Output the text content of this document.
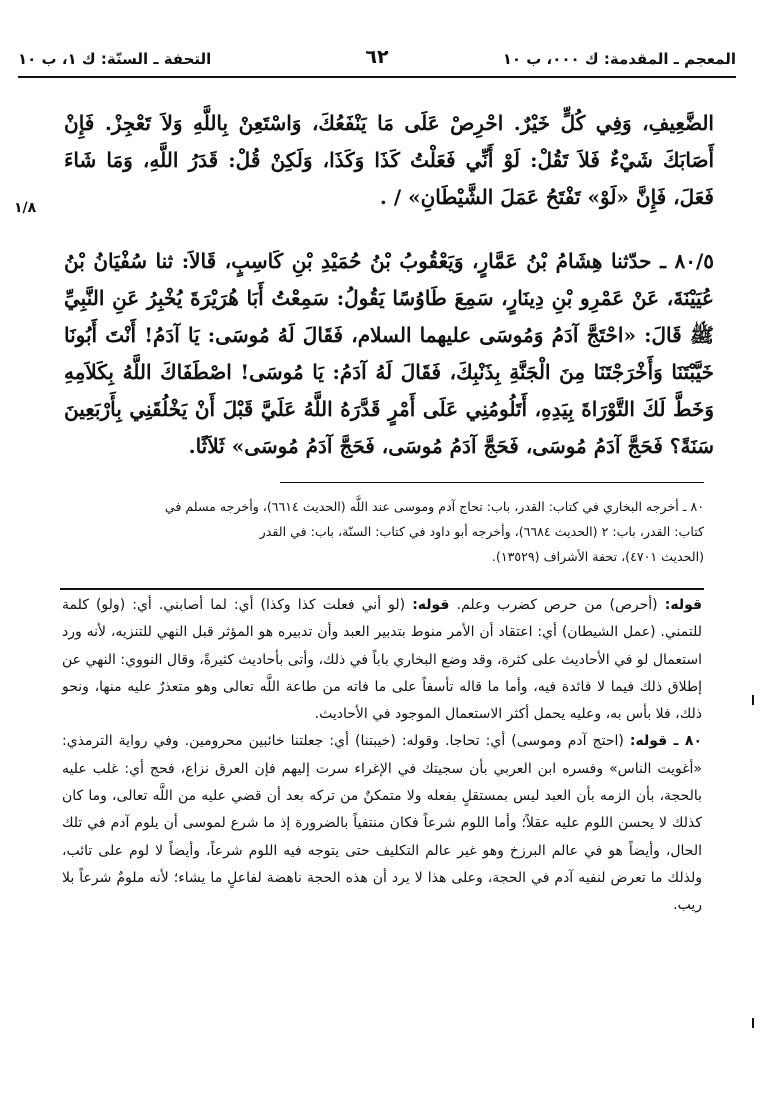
المعجم ـ المقدمة: ك ٠٠٠، ب ١٠
٦٢
التحفة ـ السنّة: ك ١، ب ١٠
١/٨

الضَّعِيفِ، وَفِي كُلٍّ خَيْرٌ. احْرِصْ عَلَى مَا يَنْفَعُكَ، وَاسْتَعِنْ بِاللَّهِ وَلاَ تَعْجِزْ. فَإِنْ أَصَابَكَ شَيْءٌ فَلاَ تَقُلْ: لَوْ أَنِّي فَعَلْتُ كَذَا وَكَذَا، وَلَكِنْ قُلْ: قَدَرُ اللَّهِ، وَمَا شَاءَ فَعَلَ، فَإِنَّ «لَوْ» تَفْتَحُ عَمَلَ الشَّيْطَانِ» / .

٨٠/٥ ـ حدّثنا هِشَامُ بْنُ عَمَّارٍ، وَيَعْقُوبُ بْنُ حُمَيْدِ بْنِ كَاسِبٍ، قَالاَ: ثنا سُفْيَانُ بْنُ عُيَيْنَةَ، عَنْ عَمْرِو بْنِ دِينَارٍ، سَمِعَ طَاوُسًا يَقُولُ: سَمِعْتُ أَبَا هُرَيْرَةَ يُخْبِرُ عَنِ النَّبِيِّ ﷺ قَالَ: «احْتَجَّ آدَمُ وَمُوسَى عليهما السلام، فَقَالَ لَهُ مُوسَى: يَا آدَمُ! أَنْتَ أَبُونَا خَيَّبْتَنَا وَأَخْرَجْتَنَا مِنَ الْجَنَّةِ بِذَنْبِكَ، فَقَالَ لَهُ آدَمُ: يَا مُوسَى! اصْطَفَاكَ اللَّهُ بِكَلاَمِهِ وَخَطَّ لَكَ التَّوْرَاةَ بِيَدِهِ، أَتَلُومُنِي عَلَى أَمْرٍ قَدَّرَهُ اللَّهُ عَلَيَّ قَبْلَ أَنْ يَخْلُقَنِي بِأَرْبَعِينَ سَنَةً؟ فَحَجَّ آدَمُ مُوسَى، فَحَجَّ آدَمُ مُوسَى، فَحَجَّ آدَمُ مُوسَى» ثَلاَثًا.

٨٠ ـ أخرجه البخاري في كتاب: القدر، باب: تحاج آدم وموسى عند اللَّه (الحديث ٦٦١٤)، وأخرجه مسلم في

كتاب: القدر، باب: ٢ (الحديث ٦٦٨٤)، وأخرجه أبو داود في كتاب: السنّة، باب: في القدر

(الحديث ٤٧٠١)، تحفة الأشراف (١٣٥٢٩).

قوله: (أحرص) من حرص كضرب وعلم. قوله: (لو أني فعلت كذا وكذا) أي: لما أصابني. أي: (ولو) كلمة للتمني. (عمل الشيطان) أي: اعتقاد أن الأمر منوط بتدبير العبد وأن تدبيره هو المؤثر قبل النهي للتنزيه، لأنه ورد استعمال لو في الأحاديث على كثرة، وقد وضع البخاري باباً في ذلك، وأتى بأحاديث كثيرةً، وقال النووي: النهي عن إطلاق ذلك فيما لا فائدة فيه، وأما ما قاله تأسفاً على ما فاته من طاعة اللَّه تعالى وهو متعذرٌ عليه منها، ونحو ذلك، فلا بأس به، وعليه يحمل أكثر الاستعمال الموجود في الأحاديث.

٨٠ ـ قوله: (احتج آدم وموسى) أي: تحاجا. وقوله: (خيبتنا) أي: جعلتنا خائبين محرومين. وفي رواية الترمذي: «أغويت الناس» وفسره ابن العربي بأن سجيتك في الإغراء سرت إليهم فإن العرق نزاع، فحج أي: غلب عليه بالحجة، بأن الزمه بأن العبد ليس بمستقلٍ بفعله ولا متمكنٌ من تركه بعد أن قضي عليه من اللَّه تعالى، وما كان كذلك لا يحسن اللوم عليه عقلاً؛ وأما اللوم شرعاً فكان منتفياً بالضرورة إذ ما شرع لموسى أن يلوم آدم في تلك الحال، وأيضاً هو في عالم البرزخ وهو غير عالم التكليف حتى يتوجه فيه اللوم شرعاً، وأيضاً لا لوم على تائب، ولذلك ما تعرض لنفيه آدم في الحجة، وعلى هذا لا يرد أن هذه الحجة ناهضة لفاعلٍ ما يشاء؛ لأنه ملومٌ شرعاً بلا ريب.
